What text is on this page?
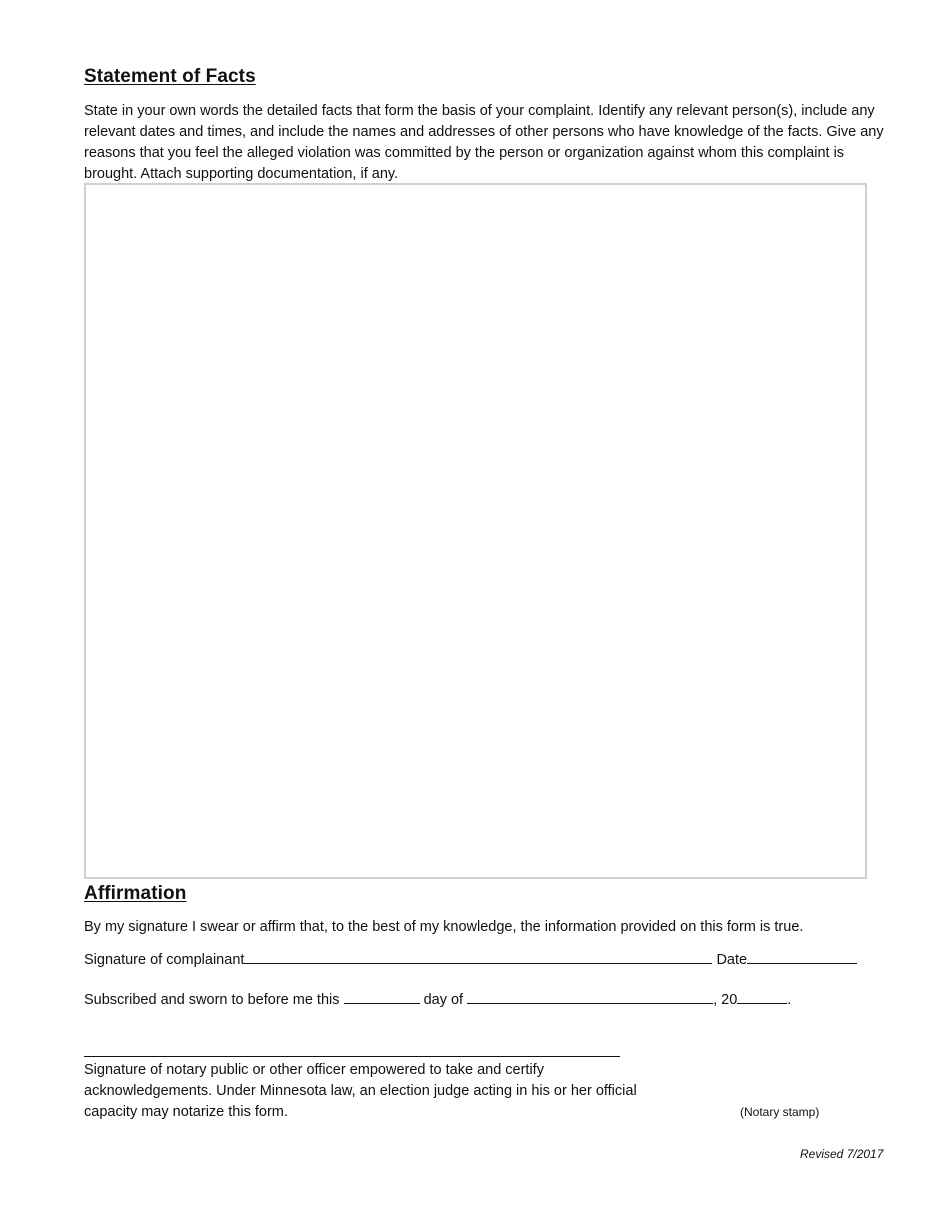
Statement of Facts

State in your own words the detailed facts that form the basis of your complaint. Identify any relevant person(s), include any relevant dates and times, and include the names and addresses of other persons who have knowledge of the facts. Give any reasons that you feel the alleged violation was committed by the person or organization against whom this complaint is brought. Attach supporting documentation, if any.

Affirmation

By my signature I swear or affirm that, to the best of my knowledge, the information provided on this form is true.

Signature of complainant	Date

Subscribed and sworn to before me this	day of	, 20	.

Signature of notary public or other officer empowered to take and certify acknowledgements. Under Minnesota law, an election judge acting in his or her official capacity may notarize this form.	(Notary stamp)
Revised 7/2017
